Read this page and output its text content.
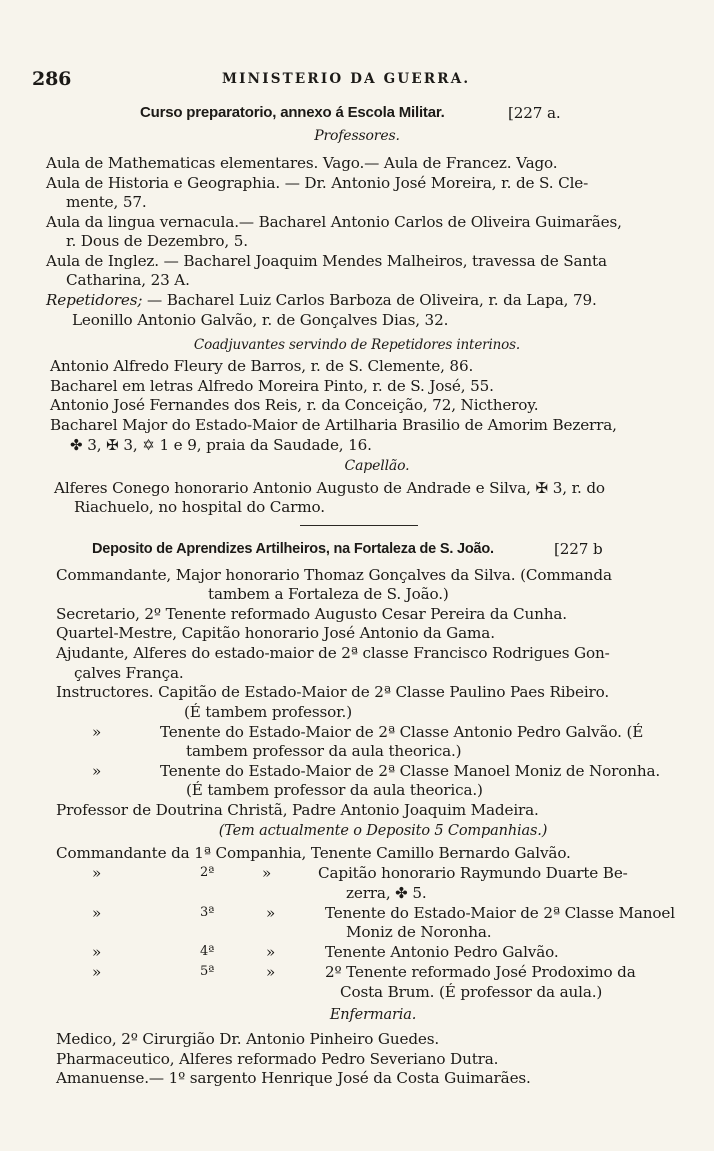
286	MINISTERIO DA GUERRA.
Curso preparatorio, annexo á Escola Militar.	[227 a.
Professores.
Aula de Mathematicas elementares. Vago.— Aula de Francez. Vago.
Aula de Historia e Geographia. — Dr. Antonio José Moreira, r. de S. Cle-
mente, 57.
Aula da lingua vernacula.— Bacharel Antonio Carlos de Oliveira Guimarães,
r. Dous de Dezembro, 5.
Aula de Inglez. — Bacharel Joaquim Mendes Malheiros, travessa de Santa
Catharina, 23 A.
Repetidores; — Bacharel Luiz Carlos Barboza de Oliveira, r. da Lapa, 79.
Leonillo Antonio Galvão, r. de Gonçalves Dias, 32.
Coadjuvantes servindo de Repetidores interinos.
Antonio Alfredo Fleury de Barros, r. de S. Clemente, 86.
Bacharel em letras Alfredo Moreira Pinto, r. de S. José, 55.
Antonio José Fernandes dos Reis, r. da Conceição, 72, Nictheroy.
Bacharel Major do Estado-Maior de Artilharia Brasilio de Amorim Bezerra,
✤ 3, ✠ 3, ✡ 1 e 9, praia da Saudade, 16.
Capellão.
Alferes Conego honorario Antonio Augusto de Andrade e Silva, ✠ 3, r. do
Riachuelo, no hospital do Carmo.
Deposito de Aprendizes Artilheiros, na Fortaleza de S. João.	[227 b
Commandante, Major honorario Thomaz Gonçalves da Silva. (Commanda
tambem a Fortaleza de S. João.)
Secretario, 2º Tenente reformado Augusto Cesar Pereira da Cunha.
Quartel-Mestre, Capitão honorario José Antonio da Gama.
Ajudante, Alferes do estado-maior de 2ª classe Francisco Rodrigues Gon-
çalves França.
Instructores. Capitão de Estado-Maior de 2ª Classe Paulino Paes Ribeiro.
(É tambem professor.)
»	Tenente do Estado-Maior de 2ª Classe Antonio Pedro Galvão. (É
tambem professor da aula theorica.)
»	Tenente do Estado-Maior de 2ª Classe Manoel Moniz de Noronha.
(É tambem professor da aula theorica.)
Professor de Doutrina Christã, Padre Antonio Joaquim Madeira.
(Tem actualmente o Deposito 5 Companhias.)
Commandante da 1ª Companhia, Tenente Camillo Bernardo Galvão.
»	2ª	»	Capitão honorario Raymundo Duarte Be-
zerra, ✤ 5.
»	3ª	»	Tenente do Estado-Maior de 2ª Classe Manoel
Moniz de Noronha.
»	4ª	»	Tenente Antonio Pedro Galvão.
»	5ª	»	2º Tenente reformado José Prodoximo da
Costa Brum. (É professor da aula.)
Enfermaria.
Medico, 2º Cirurgião Dr. Antonio Pinheiro Guedes.
Pharmaceutico, Alferes reformado Pedro Severiano Dutra.
Amanuense.— 1º sargento Henrique José da Costa Guimarães.
